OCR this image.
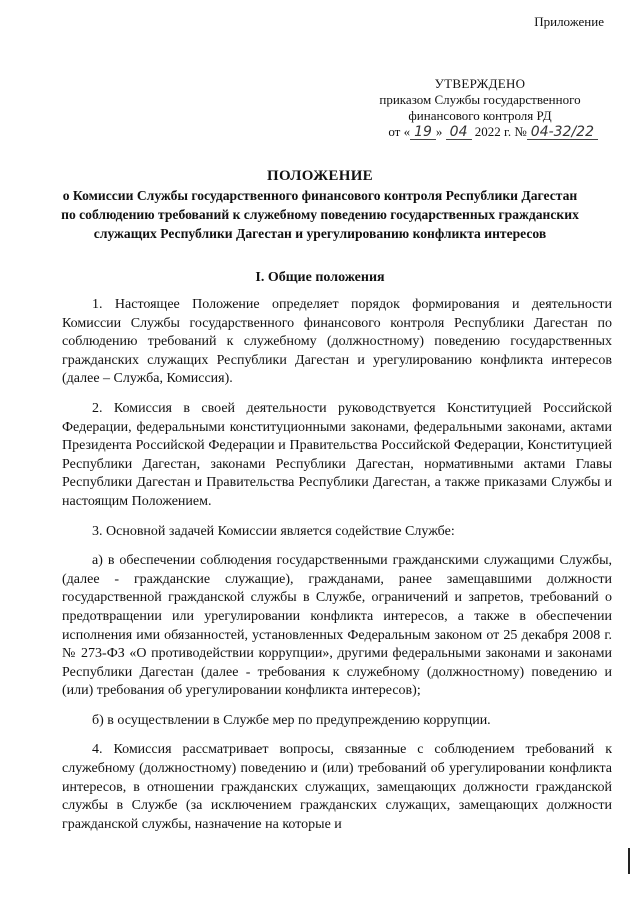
Приложение
УТВЕРЖДЕНО
приказом Службы государственного
финансового контроля РД
от « 19 » 04 2022 г. № 04-32/22
ПОЛОЖЕНИЕ
о Комиссии Службы государственного финансового контроля Республики Дагестан по соблюдению требований к служебному поведению государственных гражданских служащих Республики Дагестан и урегулированию конфликта интересов
I. Общие положения

1. Настоящее Положение определяет порядок формирования и деятельности Комиссии Службы государственного финансового контроля Республики Дагестан по соблюдению требований к служебному (должностному) поведению государственных гражданских служащих Республики Дагестан и урегулированию конфликта интересов (далее – Служба, Комиссия).

2. Комиссия в своей деятельности руководствуется Конституцией Российской Федерации, федеральными конституционными законами, федеральными законами, актами Президента Российской Федерации и Правительства Российской Федерации, Конституцией Республики Дагестан, законами Республики Дагестан, нормативными актами Главы Республики Дагестан и Правительства Республики Дагестан, а также приказами Службы и настоящим Положением.

3. Основной задачей Комиссии является содействие Службе:

а) в обеспечении соблюдения государственными гражданскими служащими Службы, (далее - гражданские служащие), гражданами, ранее замещавшими должности государственной гражданской службы в Службе, ограничений и запретов, требований о предотвращении или урегулировании конфликта интересов, а также в обеспечении исполнения ими обязанностей, установленных Федеральным законом от 25 декабря 2008 г. № 273-ФЗ «О противодействии коррупции», другими федеральными законами и законами Республики Дагестан (далее - требования к служебному (должностному) поведению и (или) требования об урегулировании конфликта интересов);

б) в осуществлении в Службе мер по предупреждению коррупции.

4. Комиссия рассматривает вопросы, связанные с соблюдением требований к служебному (должностному) поведению и (или) требований об урегулировании конфликта интересов, в отношении гражданских служащих, замещающих должности гражданской службы в Службе (за исключением гражданских служащих, замещающих должности гражданской службы, назначение на которые и
